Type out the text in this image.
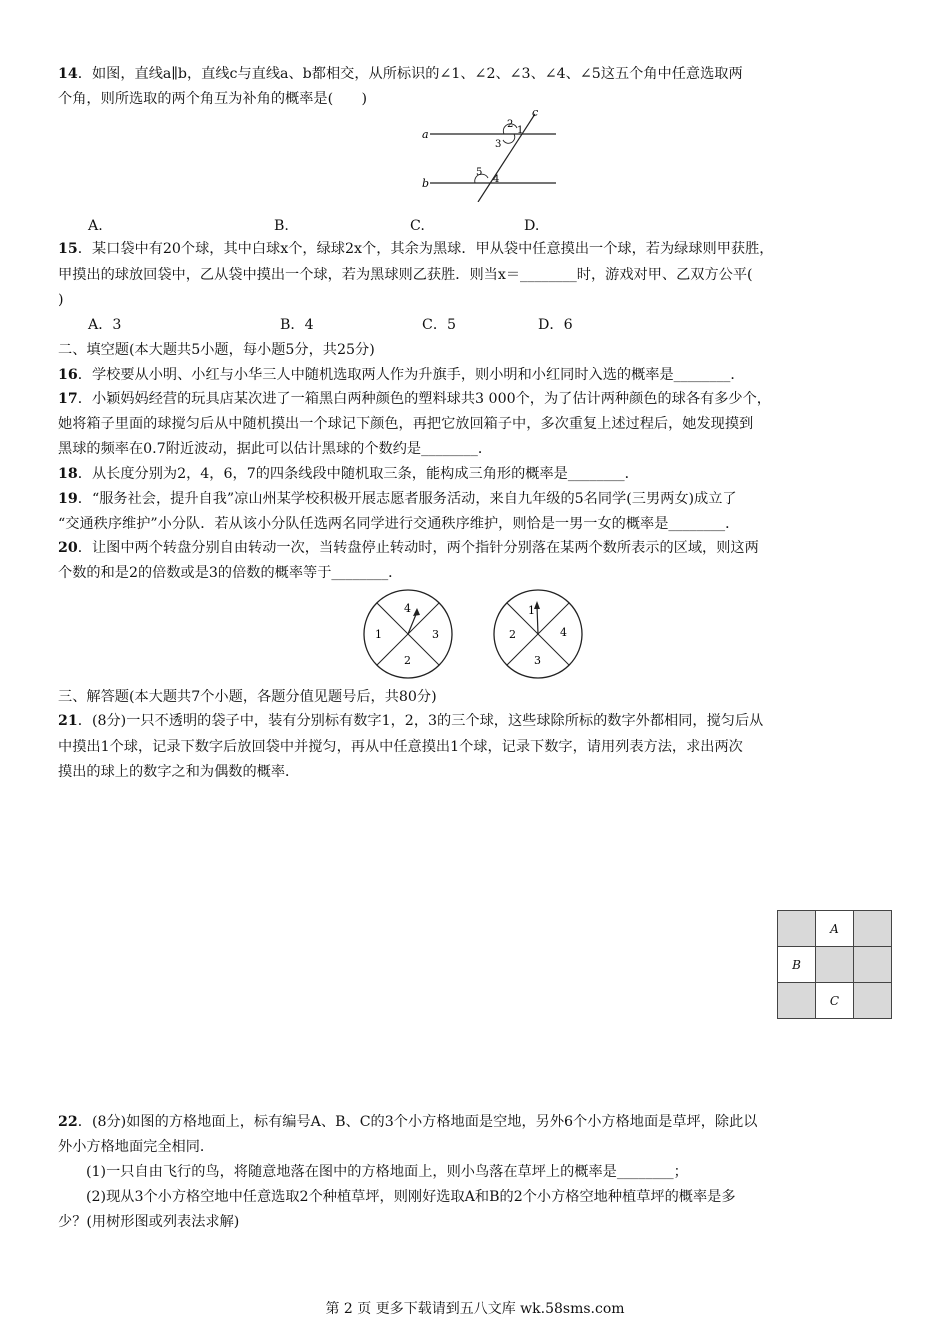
14．如图，直线a∥b，直线c与直线a、b都相交，从所标识的∠1、∠2、∠3、∠4、∠5这五个角中任意选取两
个角，则所选取的两个角互为补角的概率是(　　)
a
b
c
1
2
3
4
5
A.	B.	C.	D.
15．某口袋中有20个球，其中白球x个，绿球2x个，其余为黑球．甲从袋中任意摸出一个球，若为绿球则甲获胜，
甲摸出的球放回袋中，乙从袋中摸出一个球，若为黑球则乙获胜．则当x＝________时，游戏对甲、乙双方公平(
)
A．3	B．4	C．5	D．6
二、填空题(本大题共5小题，每小题5分，共25分)
16．学校要从小明、小红与小华三人中随机选取两人作为升旗手，则小明和小红同时入选的概率是________．
17．小颖妈妈经营的玩具店某次进了一箱黑白两种颜色的塑料球共3 000个，为了估计两种颜色的球各有多少个，
她将箱子里面的球搅匀后从中随机摸出一个球记下颜色，再把它放回箱子中，多次重复上述过程后，她发现摸到
黑球的频率在0.7附近波动，据此可以估计黑球的个数约是________．
18．从长度分别为2，4，6，7的四条线段中随机取三条，能构成三角形的概率是________．
19．“服务社会，提升自我”凉山州某学校积极开展志愿者服务活动，来自九年级的5名同学(三男两女)成立了
“交通秩序维护”小分队．若从该小分队任选两名同学进行交通秩序维护，则恰是一男一女的概率是________．
20．让图中两个转盘分别自由转动一次，当转盘停止转动时，两个指针分别落在某两个数所表示的区域，则这两
个数的和是2的倍数或是3的倍数的概率等于________．
4
1	3
2
1
2	4
3
三、解答题(本大题共7个小题，各题分值见题号后，共80分)
21．(8分)一只不透明的袋子中，装有分别标有数字1，2，3的三个球，这些球除所标的数字外都相同，搅匀后从
中摸出1个球，记录下数字后放回袋中并搅匀，再从中任意摸出1个球，记录下数字，请用列表方法，求出两次
摸出的球上的数字之和为偶数的概率．
	A	
B		
	C	
22．(8分)如图的方格地面上，标有编号A、B、C的3个小方格地面是空地，另外6个小方格地面是草坪，除此以
外小方格地面完全相同．
(1)一只自由飞行的鸟，将随意地落在图中的方格地面上，则小鸟落在草坪上的概率是________；
(2)现从3个小方格空地中任意选取2个种植草坪，则刚好选取A和B的2个小方格空地种植草坪的概率是多
少？(用树形图或列表法求解)
第 2 页 更多下载请到五八文库 wk.58sms.com
